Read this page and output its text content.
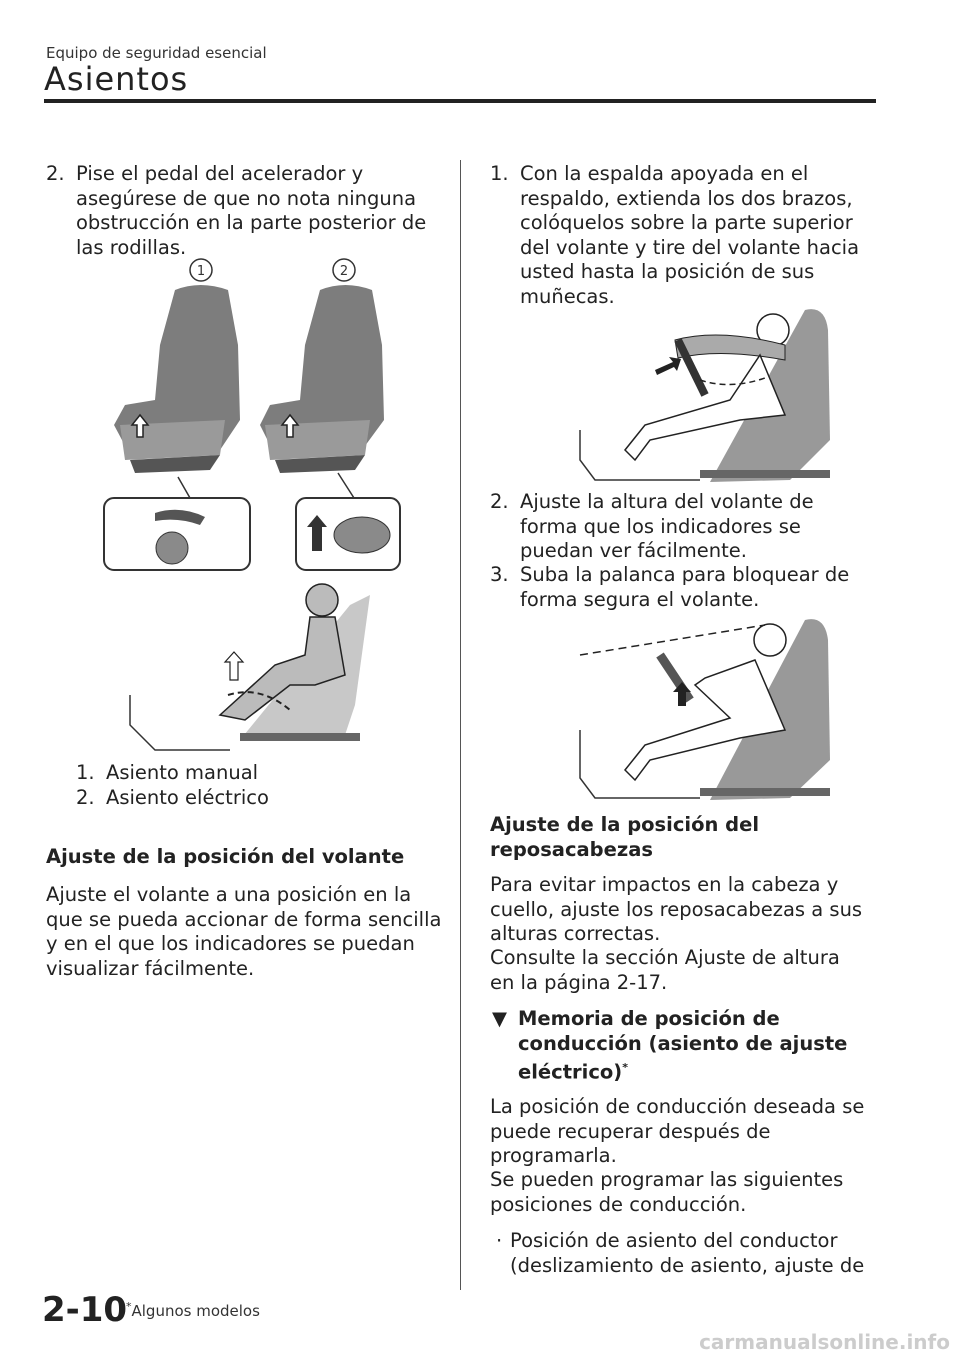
Equipo de seguridad esencial
Asientos
2. Pise el pedal del acelerador y asegúrese de que no nota ninguna obstrucción en la parte posterior de las rodillas.
1	2
1. Asiento manual
2. Asiento eléctrico
Ajuste de la posición del volante
Ajuste el volante a una posición en la que se pueda accionar de forma sencilla y en el que los indicadores se puedan visualizar fácilmente.
1. Con la espalda apoyada en el respaldo, extienda los dos brazos, colóquelos sobre la parte superior del volante y tire del volante hacia usted hasta la posición de sus muñecas.
2. Ajuste la altura del volante de forma que los indicadores se puedan ver fácilmente.
3. Suba la palanca para bloquear de forma segura el volante.
Ajuste de la posición del reposacabezas
Para evitar impactos en la cabeza y cuello, ajuste los reposacabezas a sus alturas correctas.
Consulte la sección Ajuste de altura en la página 2-17.
▼ Memoria de posición de conducción (asiento de ajuste eléctrico)*
La posición de conducción deseada se puede recuperar después de programarla.
Se pueden programar las siguientes posiciones de conducción.
· Posición de asiento del conductor (deslizamiento de asiento, ajuste de
2-10
*Algunos modelos
carmanualsonline.info
